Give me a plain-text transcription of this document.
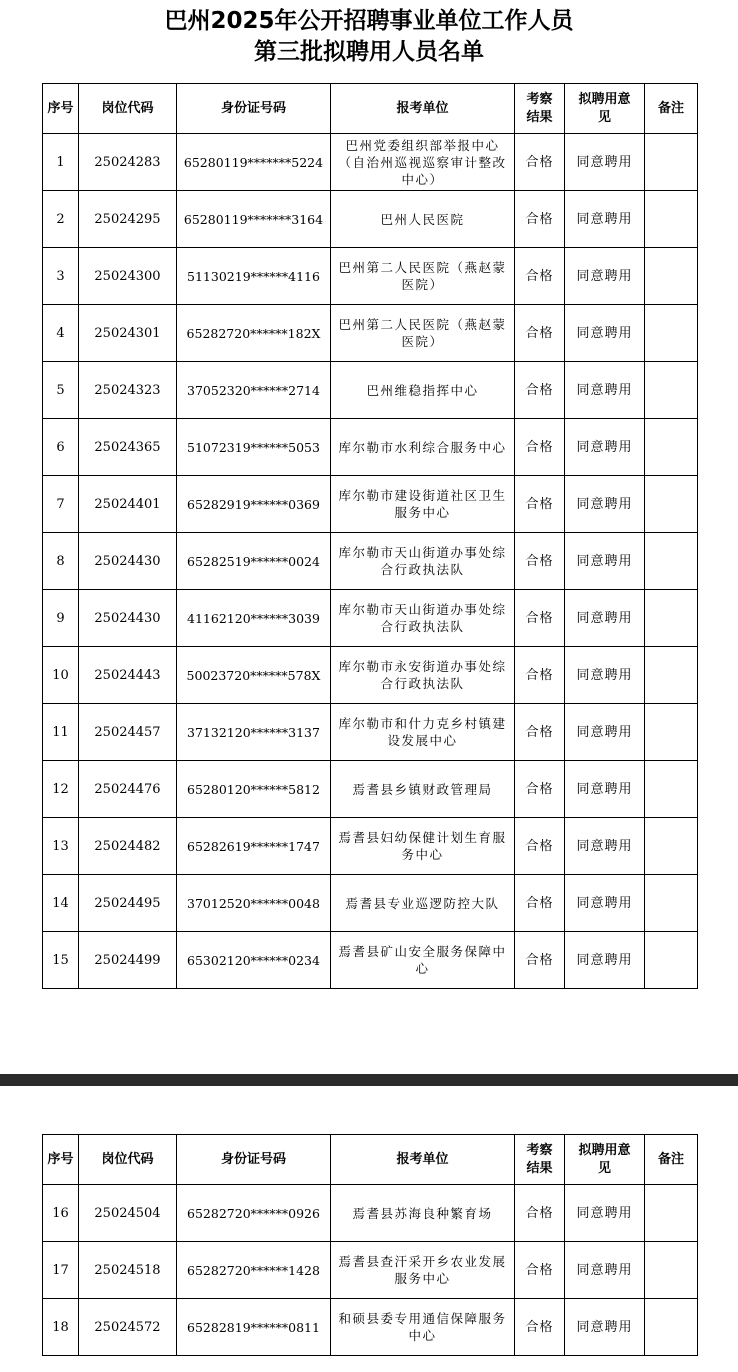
巴州2025年公开招聘事业单位工作人员
第三批拟聘用人员名单
序号	岗位代码	身份证号码	报考单位	考察结果	拟聘用意见	备注
1	25024283	65280119*******5224	巴州党委组织部举报中心（自治州巡视巡察审计整改中心）	合格	同意聘用	
2	25024295	65280119*******3164	巴州人民医院	合格	同意聘用	
3	25024300	51130219******4116	巴州第二人民医院（燕赵蒙医院）	合格	同意聘用	
4	25024301	65282720******182X	巴州第二人民医院（燕赵蒙医院）	合格	同意聘用	
5	25024323	37052320******2714	巴州维稳指挥中心	合格	同意聘用	
6	25024365	51072319******5053	库尔勒市水利综合服务中心	合格	同意聘用	
7	25024401	65282919******0369	库尔勒市建设街道社区卫生服务中心	合格	同意聘用	
8	25024430	65282519******0024	库尔勒市天山街道办事处综合行政执法队	合格	同意聘用	
9	25024430	41162120******3039	库尔勒市天山街道办事处综合行政执法队	合格	同意聘用	
10	25024443	50023720******578X	库尔勒市永安街道办事处综合行政执法队	合格	同意聘用	
11	25024457	37132120******3137	库尔勒市和什力克乡村镇建设发展中心	合格	同意聘用	
12	25024476	65280120******5812	焉耆县乡镇财政管理局	合格	同意聘用	
13	25024482	65282619******1747	焉耆县妇幼保健计划生育服务中心	合格	同意聘用	
14	25024495	37012520******0048	焉耆县专业巡逻防控大队	合格	同意聘用	
15	25024499	65302120******0234	焉耆县矿山安全服务保障中心	合格	同意聘用	
序号	岗位代码	身份证号码	报考单位	考察结果	拟聘用意见	备注
16	25024504	65282720******0926	焉耆县苏海良种繁育场	合格	同意聘用	
17	25024518	65282720******1428	焉耆县查汗采开乡农业发展服务中心	合格	同意聘用	
18	25024572	65282819******0811	和硕县委专用通信保障服务中心	合格	同意聘用	
